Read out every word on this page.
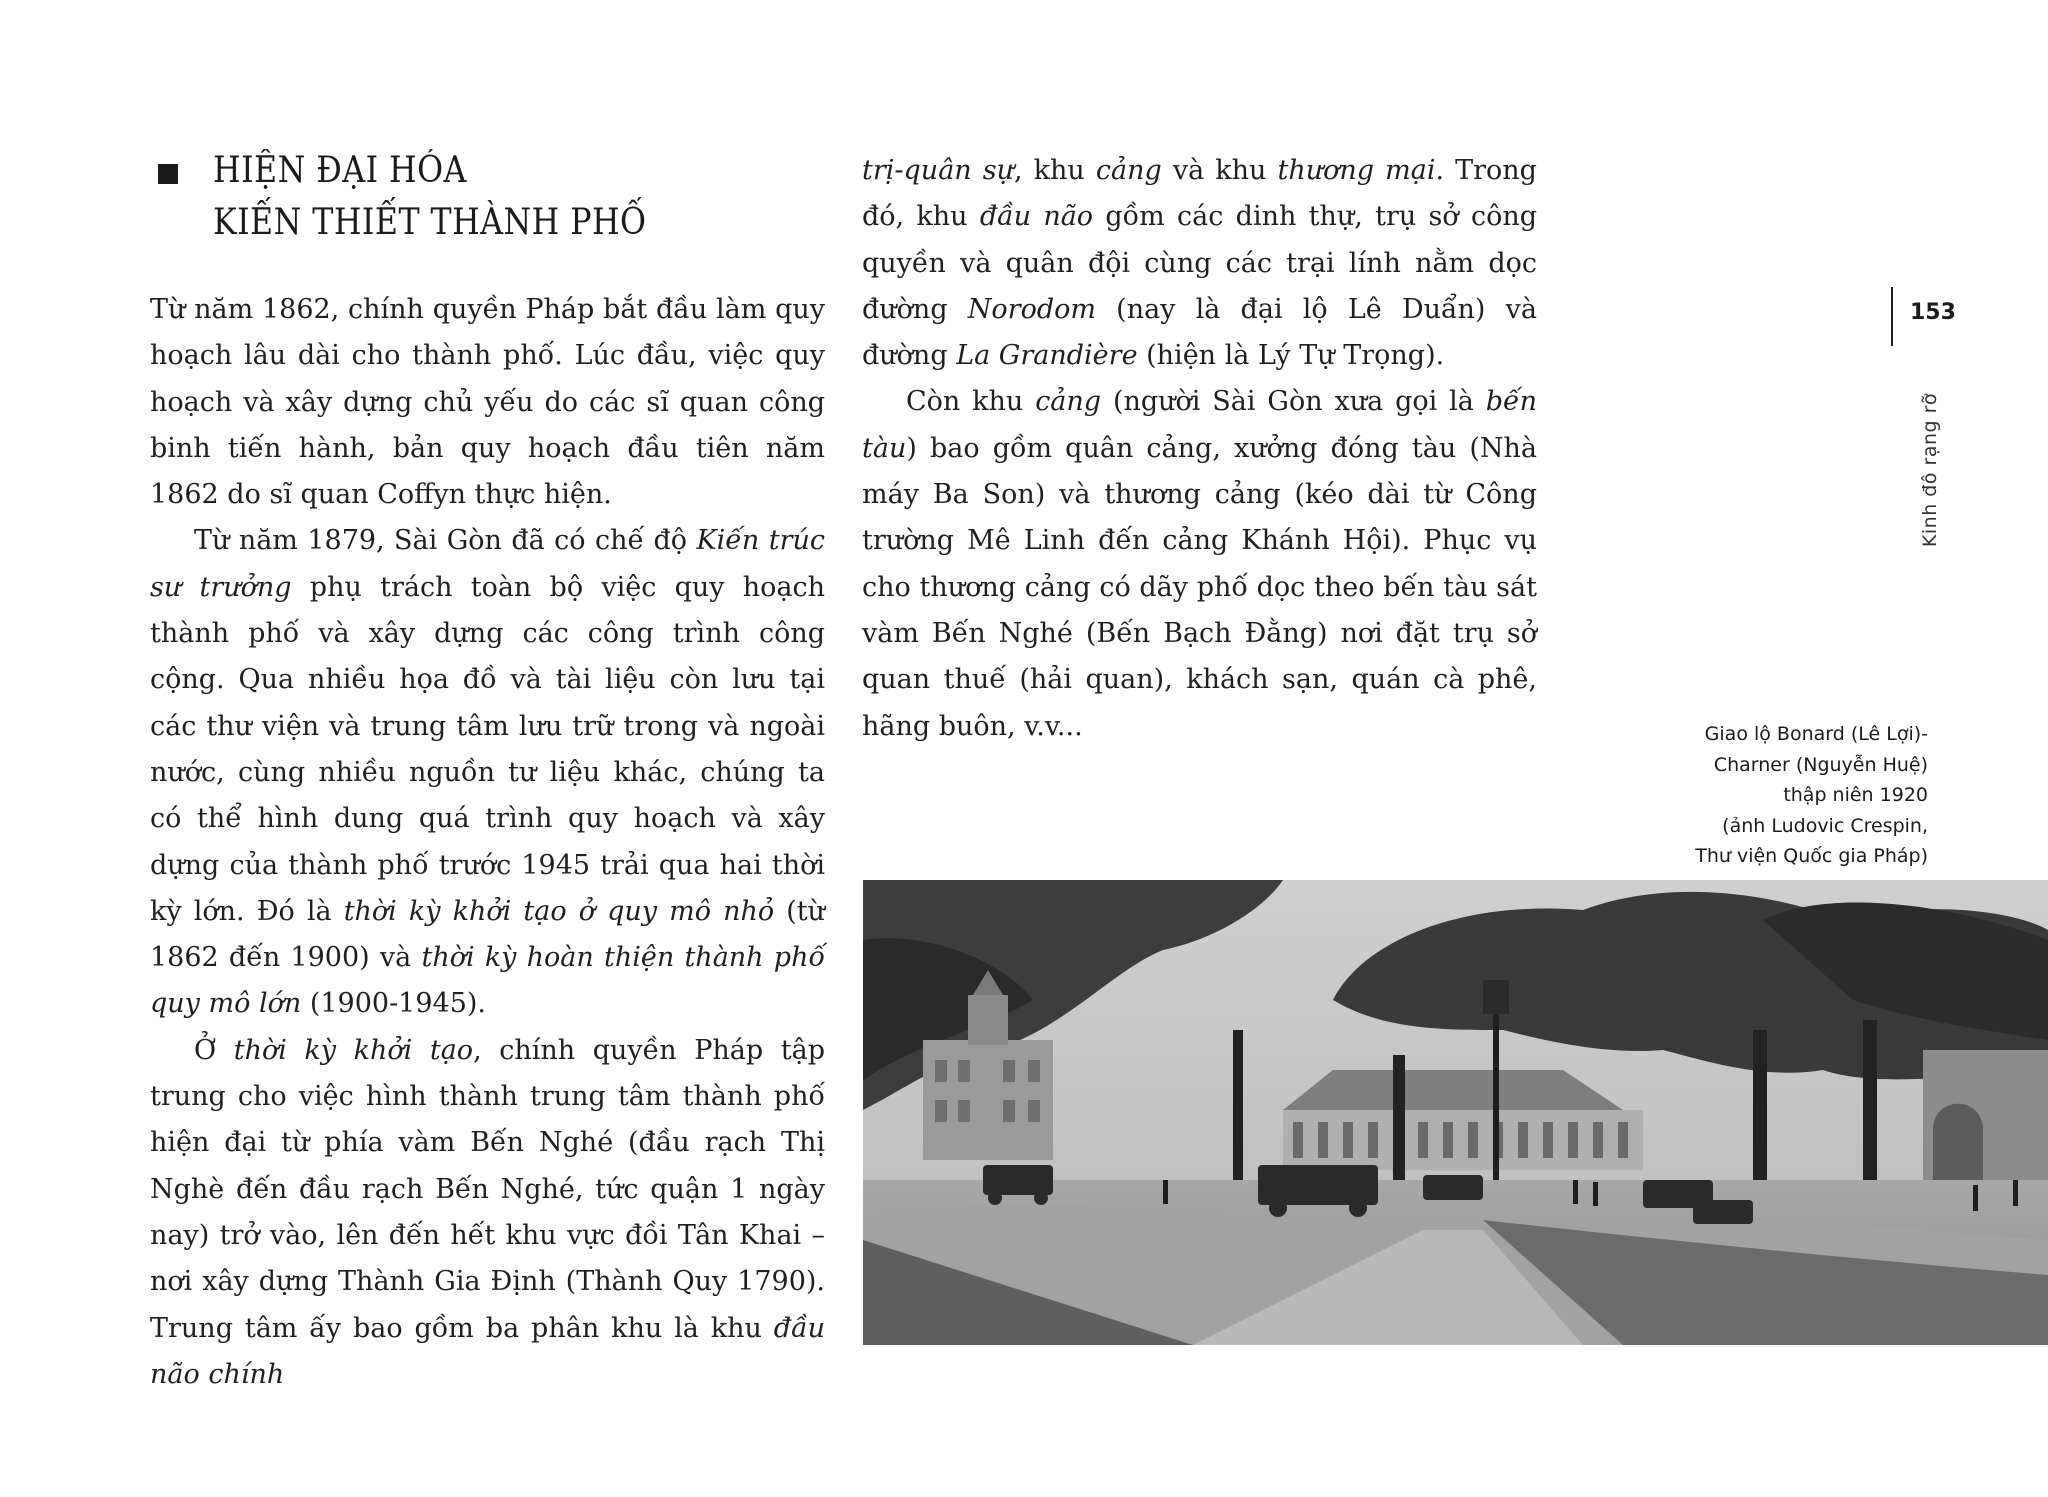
HIỆN ĐẠI HÓA
KIẾN THIẾT THÀNH PHỐ

Từ năm 1862, chính quyền Pháp bắt đầu làm quy hoạch lâu dài cho thành phố. Lúc đầu, việc quy hoạch và xây dựng chủ yếu do các sĩ quan công binh tiến hành, bản quy hoạch đầu tiên năm 1862 do sĩ quan Coffyn thực hiện.

Từ năm 1879, Sài Gòn đã có chế độ Kiến trúc sư trưởng phụ trách toàn bộ việc quy hoạch thành phố và xây dựng các công trình công cộng. Qua nhiều họa đồ và tài liệu còn lưu tại các thư viện và trung tâm lưu trữ trong và ngoài nước, cùng nhiều nguồn tư liệu khác, chúng ta có thể hình dung quá trình quy hoạch và xây dựng của thành phố trước 1945 trải qua hai thời kỳ lớn. Đó là thời kỳ khởi tạo ở quy mô nhỏ (từ 1862 đến 1900) và thời kỳ hoàn thiện thành phố quy mô lớn (1900-1945).

Ở thời kỳ khởi tạo, chính quyền Pháp tập trung cho việc hình thành trung tâm thành phố hiện đại từ phía vàm Bến Nghé (đầu rạch Thị Nghè đến đầu rạch Bến Nghé, tức quận 1 ngày nay) trở vào, lên đến hết khu vực đồi Tân Khai – nơi xây dựng Thành Gia Định (Thành Quy 1790). Trung tâm ấy bao gồm ba phân khu là khu đầu não chính

trị-quân sự, khu cảng và khu thương mại. Trong đó, khu đầu não gồm các dinh thự, trụ sở công quyền và quân đội cùng các trại lính nằm dọc đường Norodom (nay là đại lộ Lê Duẩn) và đường La Grandière (hiện là Lý Tự Trọng).

Còn khu cảng (người Sài Gòn xưa gọi là bến tàu) bao gồm quân cảng, xưởng đóng tàu (Nhà máy Ba Son) và thương cảng (kéo dài từ Công trường Mê Linh đến cảng Khánh Hội). Phục vụ cho thương cảng có dãy phố dọc theo bến tàu sát vàm Bến Nghé (Bến Bạch Đằng) nơi đặt trụ sở quan thuế (hải quan), khách sạn, quán cà phê, hãng buôn, v.v...

153
Kinh đô rạng rỡ
Giao lộ Bonard (Lê Lợi)-
Charner (Nguyễn Huệ)
thập niên 1920
(ảnh Ludovic Crespin,
Thư viện Quốc gia Pháp)
